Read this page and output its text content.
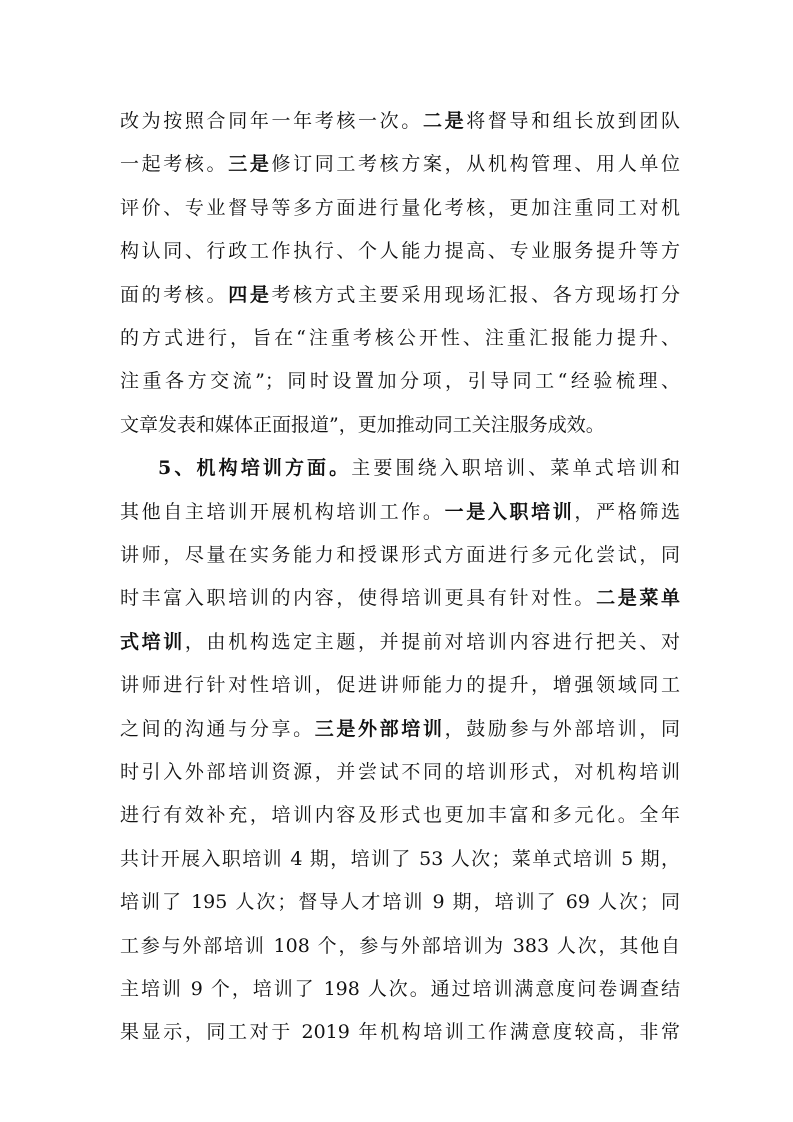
改为按照合同年一年考核一次。二是将督导和组长放到团队
一起考核。三是修订同工考核方案，从机构管理、用人单位
评价、专业督导等多方面进行量化考核，更加注重同工对机
构认同、行政工作执行、个人能力提高、专业服务提升等方
面的考核。四是考核方式主要采用现场汇报、各方现场打分
的方式进行，旨在“注重考核公开性、注重汇报能力提升、
注重各方交流”；同时设置加分项，引导同工“经验梳理、
文章发表和媒体正面报道”，更加推动同工关注服务成效。
5、机构培训方面。主要围绕入职培训、菜单式培训和
其他自主培训开展机构培训工作。一是入职培训，严格筛选
讲师，尽量在实务能力和授课形式方面进行多元化尝试，同
时丰富入职培训的内容，使得培训更具有针对性。二是菜单
式培训，由机构选定主题，并提前对培训内容进行把关、对
讲师进行针对性培训，促进讲师能力的提升，增强领域同工
之间的沟通与分享。三是外部培训，鼓励参与外部培训，同
时引入外部培训资源，并尝试不同的培训形式，对机构培训
进行有效补充，培训内容及形式也更加丰富和多元化。全年
共计开展入职培训 4 期，培训了 53 人次；菜单式培训 5 期，
培训了 195 人次；督导人才培训 9 期，培训了 69 人次；同
工参与外部培训 108 个，参与外部培训为 383 人次，其他自
主培训 9 个，培训了 198 人次。通过培训满意度问卷调查结
果显示，同工对于 2019 年机构培训工作满意度较高，非常
